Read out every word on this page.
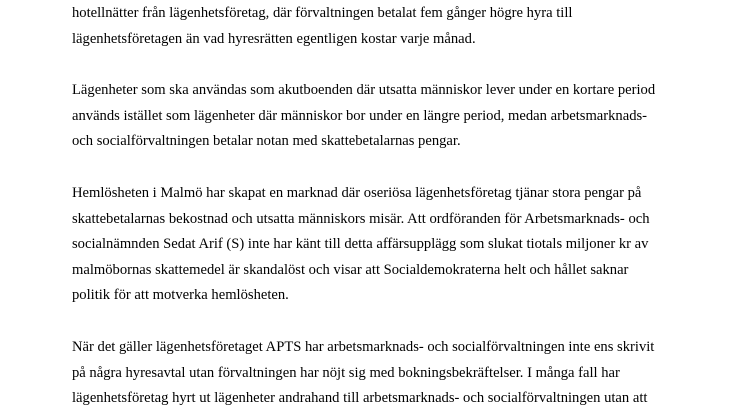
hotellnätter från lägenhetsföretag, där förvaltningen betalat fem gånger högre hyra till
lägenhetsföretagen än vad hyresrätten egentligen kostar varje månad.
Lägenheter som ska användas som akutboenden där utsatta människor lever under en kortare period
används istället som lägenheter där människor bor under en längre period, medan arbetsmarknads-
och socialförvaltningen betalar notan med skattebetalarnas pengar.
Hemlösheten i Malmö har skapat en marknad där oseriösa lägenhetsföretag tjänar stora pengar på
skattebetalarnas bekostnad och utsatta människors misär. Att ordföranden för Arbetsmarknads- och
socialnämnden Sedat Arif (S) inte har känt till detta affärsupplägg som slukat tiotals miljoner kr av
malmöbornas skattemedel är skandalöst och visar att Socialdemokraterna helt och hållet saknar
politik för att motverka hemlösheten.
När det gäller lägenhetsföretaget APTS har arbetsmarknads- och socialförvaltningen inte ens skrivit
på några hyresavtal utan förvaltningen har nöjt sig med bokningsbekräftelser. I många fall har
lägenhetsföretag hyrt ut lägenheter andrahand till arbetsmarknads- och socialförvaltningen utan att
